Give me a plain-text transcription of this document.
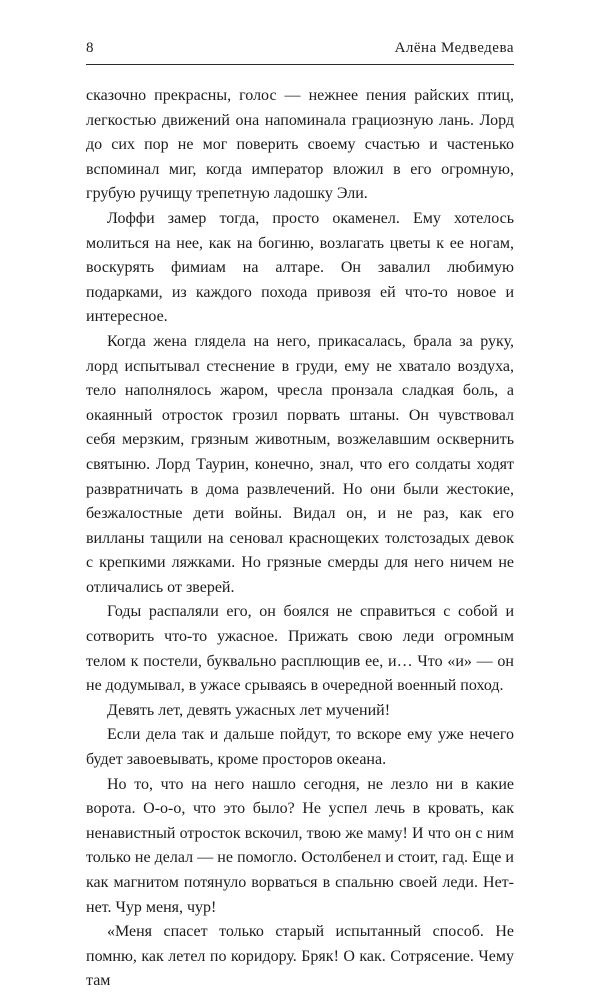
8	Алёна Медведева

сказочно прекрасны, голос — нежнее пения райских птиц, легкостью движений она напоминала грациозную лань. Лорд до сих пор не мог поверить своему счастью и частенько вспоминал миг, когда император вложил в его огромную, грубую ручищу трепетную ладошку Эли.

Лоффи замер тогда, просто окаменел. Ему хотелось молиться на нее, как на богиню, возлагать цветы к ее ногам, воскурять фимиам на алтаре. Он завалил любимую подарками, из каждого похода привозя ей что-то новое и интересное.

Когда жена глядела на него, прикасалась, брала за руку, лорд испытывал стеснение в груди, ему не хватало воздуха, тело наполнялось жаром, чресла пронзала сладкая боль, а окаянный отросток грозил порвать штаны. Он чувствовал себя мерзким, грязным животным, возжелавшим осквернить святыню. Лорд Таурин, конечно, знал, что его солдаты ходят развратничать в дома развлечений. Но они были жестокие, безжалостные дети войны. Видал он, и не раз, как его вилланы тащили на сеновал краснощеких толстозадых девок с крепкими ляжками. Но грязные смерды для него ничем не отличались от зверей.

Годы распаляли его, он боялся не справиться с собой и сотворить что-то ужасное. Прижать свою леди огромным телом к постели, буквально расплющив ее, и… Что «и» — он не додумывал, в ужасе срываясь в очередной военный поход.

Девять лет, девять ужасных лет мучений!

Если дела так и дальше пойдут, то вскоре ему уже нечего будет завоевывать, кроме просторов океана.

Но то, что на него нашло сегодня, не лезло ни в какие ворота. О-о-о, что это было? Не успел лечь в кровать, как ненавистный отросток вскочил, твою же маму! И что он с ним только не делал — не помогло. Остолбенел и стоит, гад. Еще и как магнитом потянуло ворваться в спальню своей леди. Нет-нет. Чур меня, чур!

«Меня спасет только старый испытанный способ. Не помню, как летел по коридору. Бряк! О как. Сотрясение. Чему там
